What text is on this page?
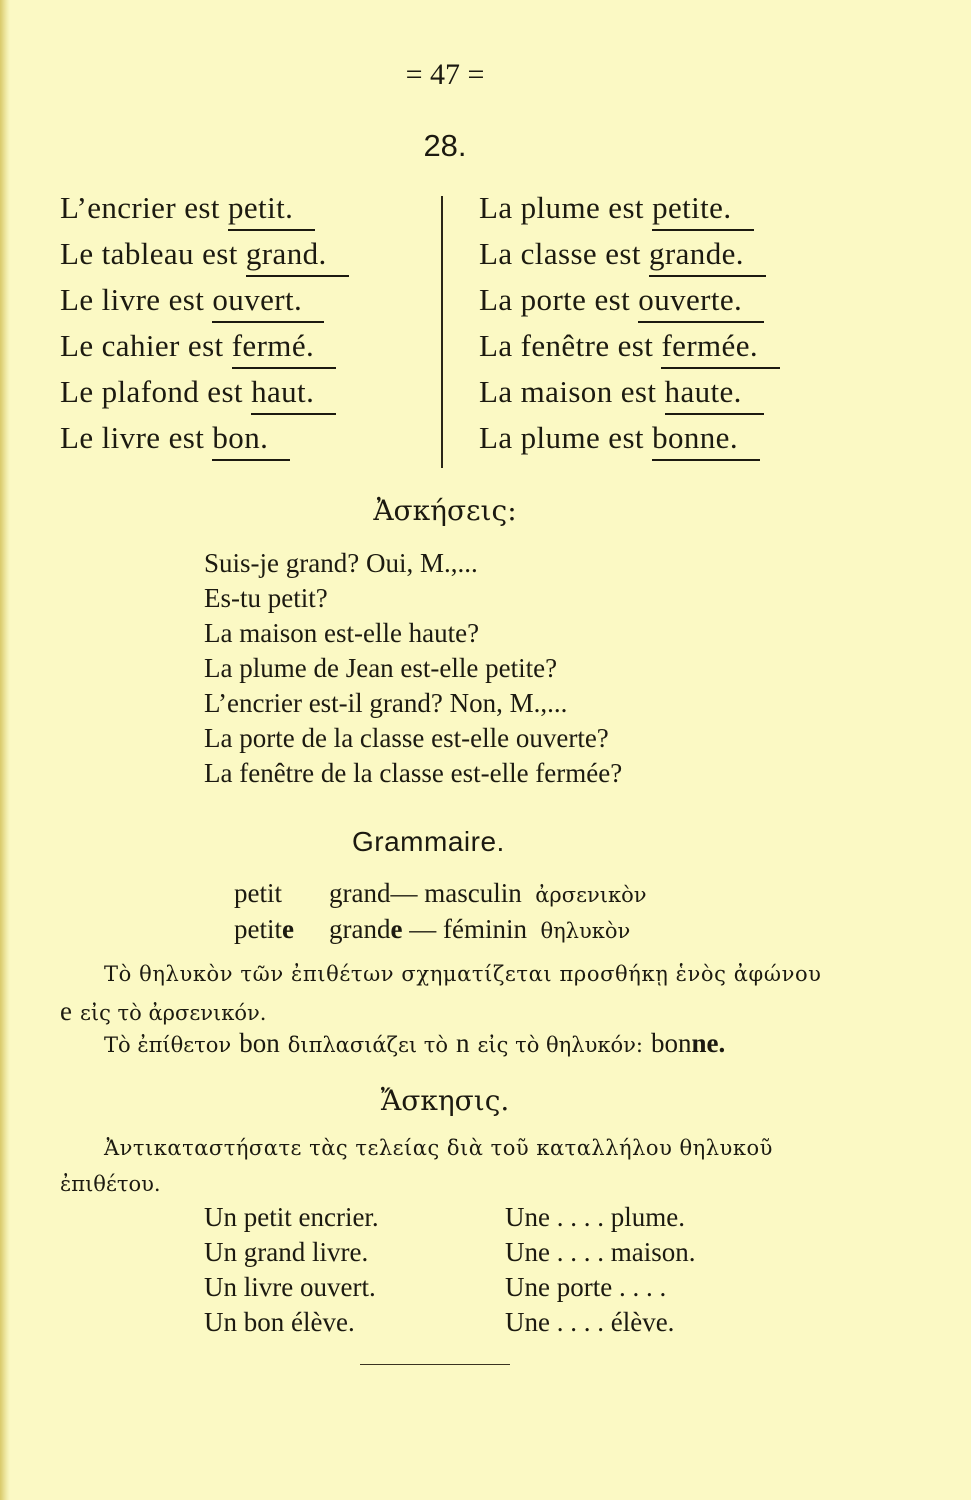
= 47 =
28.
L’encrier est petit.
Le tableau est grand.
Le livre est ouvert.
Le cahier est fermé.
Le plafond est haut.
Le livre est bon.
La plume est petite.
La classe est grande.
La porte est ouverte.
La fenêtre est fermée.
La maison est haute.
La plume est bonne.
Ἀσκήσεις:
Suis-je grand? Oui, M.,...
Es-tu petit?
La maison est-elle haute?
La plume de Jean est-elle petite?
L’encrier est-il grand? Non, M.,...
La porte de la classe est-elle ouverte?
La fenêtre de la classe est-elle fermée?
Grammaire.
petit grand— masculin ἀρσενικὸν
petite grande — féminin θηλυκὸν
Τὸ θηλυκὸν τῶν ἐπιθέτων σχηματίζεται προσθήκῃ ἑνὸς ἀφώνου
e εἰς τὸ ἀρσενικόν.
Τὸ ἐπίθετον bon διπλασιάζει τὸ n εἰς τὸ θηλυκόν: bonne.
Ἄσκησις.
Ἀντικαταστήσατε τὰς τελείας διὰ τοῦ καταλλήλου θηλυκοῦ
ἐπιθέτου.
Un petit encrier.
Un grand livre.
Un livre ouvert.
Un bon élève.
Une . . . . plume.
Une . . . . maison.
Une porte . . . .
Une . . . . élève.
